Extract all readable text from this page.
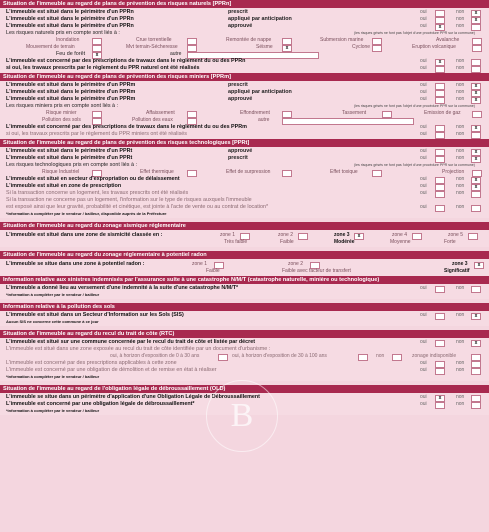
Situation de l'immeuble au regard de plans de prévention des risques naturels [PPRn]
L'immeuble est situé dans le périmètre d'un PPRn	prescrit	oui	non	x
L'immeuble est situé dans le périmètre d'un PPRn	appliqué par anticipation	oui	non	x
L'immeuble est situé dans le périmètre d'un PPRn	approuvé	oui	x	non
Les risques naturels pris en compte sont liés à :	(les risques grisés ne font pas l'objet d'une procédure PPR sur la commune)
Inondation	Crue torrentielle	Remontée de nappe	Submersion marine	Avalanche
Mouvement de terrain	Mvt terrain-Sécheresse	Séisme	x	Cyclone	Eruption volcanique
Feu de forêt	x	autre
L'immeuble est concerné par des prescriptions de travaux dans le règlement du ou des PPRn	oui	x	non
si oui, les travaux prescrits par le règlement du PPR naturel ont été réalisés	oui	non
Situation de l'immeuble au regard de plans de prévention des risques miniers [PPRm]
L'immeuble est situé dans le périmètre d'un PPRm	prescrit	oui	non	x
L'immeuble est situé dans le périmètre d'un PPRm	appliqué par anticipation	oui	non	x
L'immeuble est situé dans le périmètre d'un PPRm	approuvé	oui	non	x
Les risques miniers pris en compte sont liés à :	(les risques grisés ne font pas l'objet d'une procédure PPR sur la commune)
Risque minier	Affaissement	Effondrement	Tassement	Emission de gaz
Pollution des sols	Pollution des eaux	autre
L'immeuble est concerné par des prescriptions de travaux dans le règlement du ou des PPRm	oui	non	x
si oui, les travaux prescrits par le règlement du PPR miniers ont été réalisés	oui	non
Situation de l'immeuble au regard de plans de prévention des risques technologiques [PPRt]
L'immeuble est situé dans le périmètre d'un PPRt	approuvé	oui	non	x
L'immeuble est situé dans le périmètre d'un PPRt	prescrit	oui	non	x
Les risques technologiques pris en compte sont liés à :	(les risques grisés ne font pas l'objet d'une procédure PPR sur la commune)
Risque Industriel	Effet thermique	Effet de surpression	Effet toxique	Projection
L'immeuble est situé en secteur d'expropriation ou de délaissement	oui	non	x
L'immeuble est situé en zone de prescription	oui	non	x
Si la transaction concerne un logement, les travaux prescrits ont été réalisés	oui	non
Si la transaction ne concerne pas un logement, l'information sur le type de risques auxquels l'immeuble
est exposé ainsi que leur gravité, probabilité et cinétique, est jointe à l'acte de vente ou au contrat de location*	oui	non
*information à compléter par le vendeur / bailleur, disponible auprès de la Préfecture
Situation de l'immeuble au regard du zonage sismique réglementaire
L'immeuble est situé dans une zone de sismicité classée en :	zone 1	zone 2	zone 3	x	zone 4	zone 5
Très faible	Faible	Modérée	Moyenne	Forte
Situation de l'immeuble au regard du zonage réglementaire à potentiel radon
L'immeuble se situe dans une zone à potentiel radon :	zone 1	zone 2	zone 3	x
Faible	Faible avec facteur de transfert	Significatif
Information relative aux sinistres indemnisés par l'assurance suite à une catastrophe N/M/T (catastrophe naturelle, minière ou technologique)
L'immeuble a donné lieu au versement d'une indemnité à la suite d'une catastrophe N/M/T*	oui	non
*information à compléter par le vendeur / bailleur
Information relative à la pollution des sols
L'immeuble est situé dans un Secteur d'Information sur les Sols (SIS)	oui	non	x
Aucun SIS ne concerne cette commune à ce jour
Situation de l'immeuble au regard du recul du trait de côte (RTC)
L'immeuble est situé sur une commune concernée par le recul du trait de côte et listée par décret	oui	non	x
L'immeuble est situé dans une zone exposée au recul du trait de côte identifiée par un document d'urbanisme :
oui, à horizon d'exposition de 0 à 30 ans	oui, à horizon d'exposition de 30 à 100 ans	non	zonage indisponible
L'immeuble est concerné par des prescriptions applicables à cette zone	oui	non
L'immeuble est concerné par une obligation de démolition et de remise en état à réaliser	oui	non
*information à compléter par le vendeur / bailleur
Situation de l'immeuble au regard de l'obligation légale de débroussaillement (OLD)
L'immeuble se situe dans un périmètre d'application d'une Obligation Légale de Débroussaillement	oui	x	non
L'immeuble est concerné par une obligation légale de débroussaillement*	oui	non
*information à compléter par le vendeur / bailleur	B
